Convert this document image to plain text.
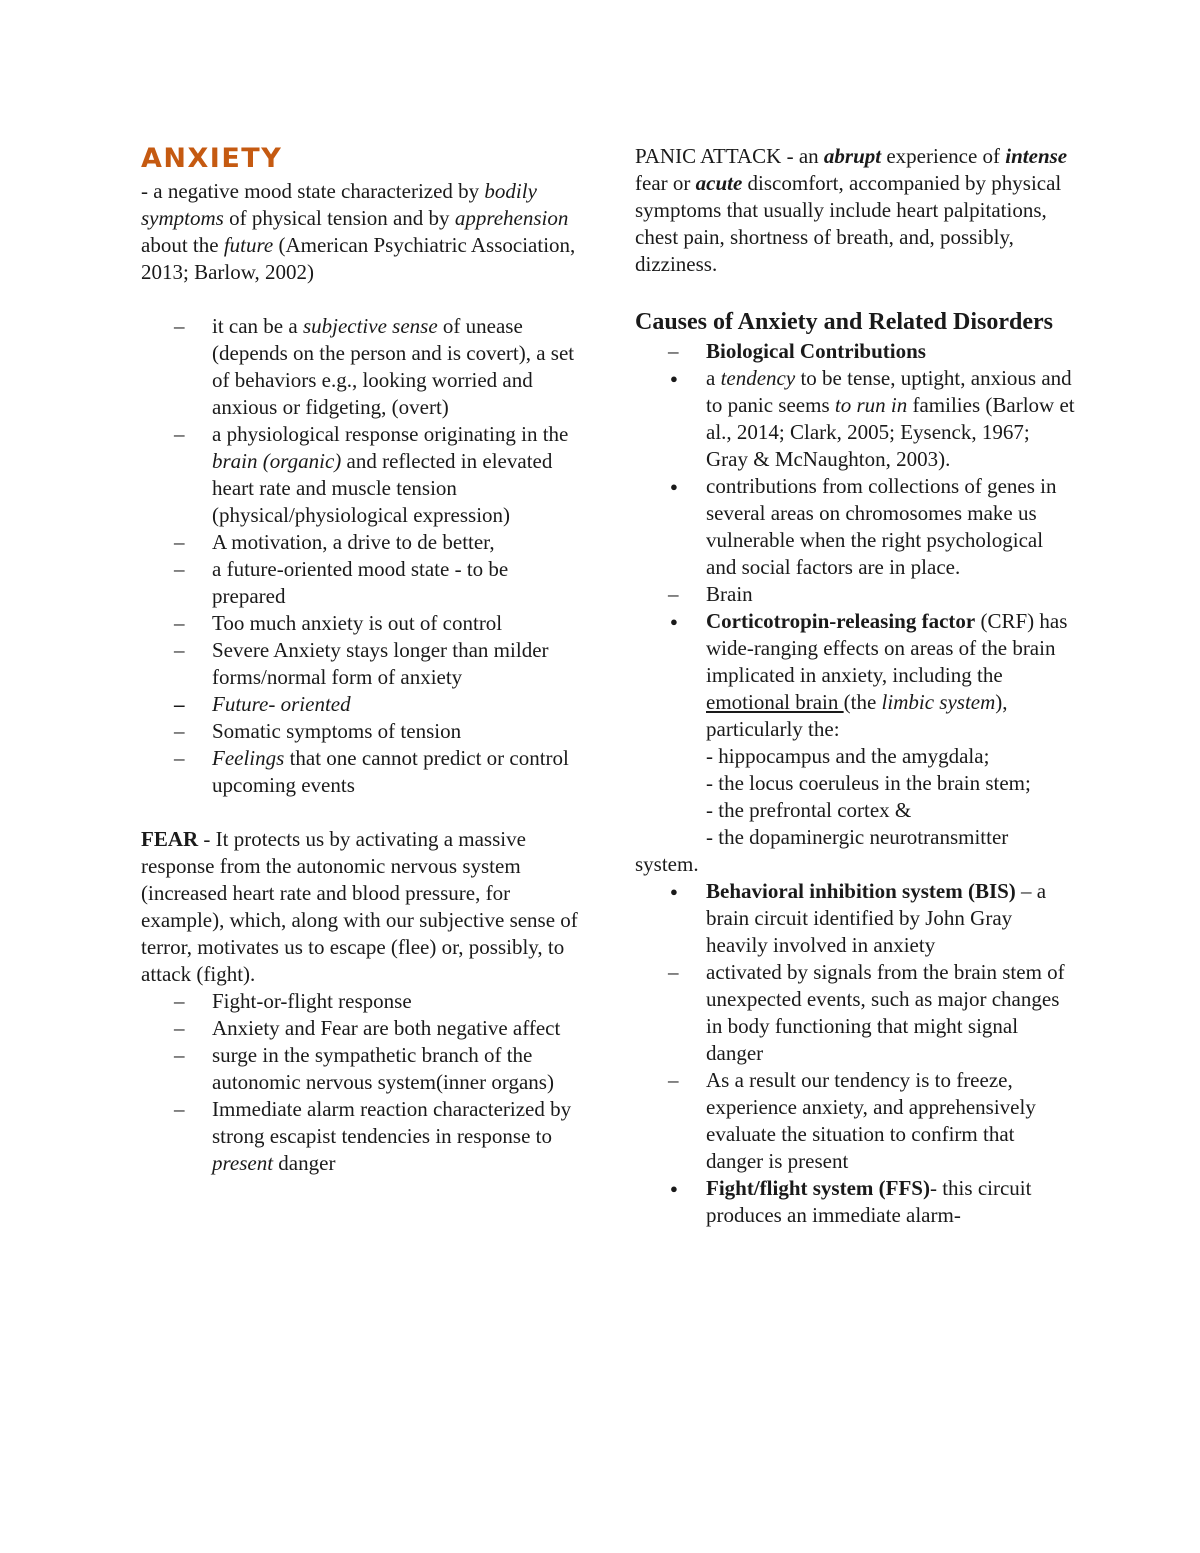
ANXIETY

- a negative mood state characterized by bodily symptoms of physical tension and by apprehension about the future (American Psychiatric Association, 2013; Barlow, 2002)

– it can be a subjective sense of unease (depends on the person and is covert), a set of behaviors e.g., looking worried and anxious or fidgeting, (overt)
– a physiological response originating in the brain (organic) and reflected in elevated heart rate and muscle tension (physical/physiological expression)
– A motivation, a drive to de better,
– a future-oriented mood state - to be prepared
– Too much anxiety is out of control
– Severe Anxiety stays longer than milder forms/normal form of anxiety
– Future- oriented
– Somatic symptoms of tension
– Feelings that one cannot predict or control upcoming events

FEAR - It protects us by activating a massive response from the autonomic nervous system (increased heart rate and blood pressure, for example), which, along with our subjective sense of terror, motivates us to escape (flee) or, possibly, to attack (fight).

– Fight-or-flight response
– Anxiety and Fear are both negative affect
– surge in the sympathetic branch of the autonomic nervous system(inner organs)
– Immediate alarm reaction characterized by strong escapist tendencies in response to present danger

PANIC ATTACK - an abrupt experience of intense fear or acute discomfort, accompanied by physical symptoms that usually include heart palpitations, chest pain, shortness of breath, and, possibly, dizziness.

Causes of Anxiety and Related Disorders
– Biological Contributions
● a tendency to be tense, uptight, anxious and to panic seems to run in families (Barlow et al., 2014; Clark, 2005; Eysenck, 1967; Gray & McNaughton, 2003).
● contributions from collections of genes in several areas on chromosomes make us vulnerable when the right psychological and social factors are in place.
– Brain
● Corticotropin-releasing factor (CRF) has wide-ranging effects on areas of the brain implicated in anxiety, including the emotional brain (the limbic system), particularly the:

- hippocampus and the amygdala;

- the locus coeruleus in the brain stem;

- the prefrontal cortex &

- the dopaminergic neurotransmitter system.

● Behavioral inhibition system (BIS) – a brain circuit identified by John Gray heavily involved in anxiety
– activated by signals from the brain stem of unexpected events, such as major changes in body functioning that might signal danger
– As a result our tendency is to freeze, experience anxiety, and apprehensively evaluate the situation to confirm that danger is present
● Fight/flight system (FFS)- this circuit produces an immediate alarm-
